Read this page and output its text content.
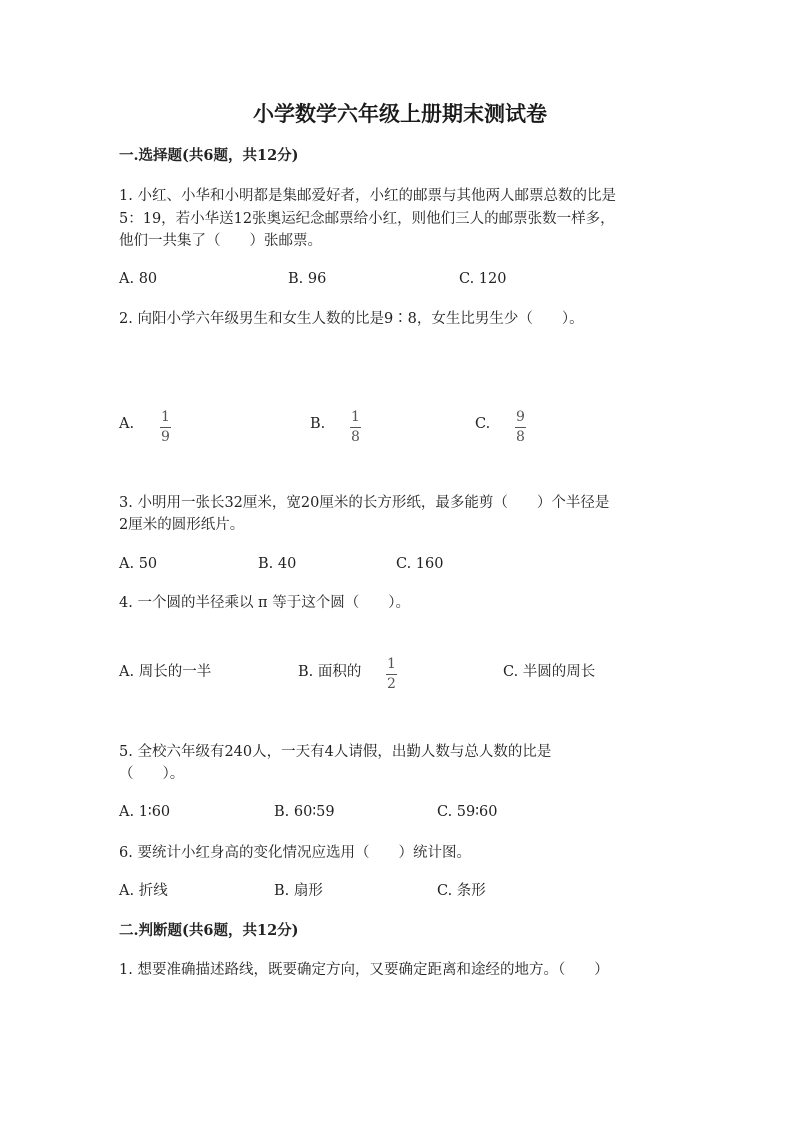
小学数学六年级上册期末测试卷
一.选择题(共6题，共12分)
1. 小红、小华和小明都是集邮爱好者，小红的邮票与其他两人邮票总数的比是
5：19，若小华送12张奥运纪念邮票给小红，则他们三人的邮票张数一样多，
他们一共集了（　　）张邮票。
A. 80	B. 96	C. 120
2. 向阳小学六年级男生和女生人数的比是9∶8，女生比男生少（　　）。
A. 1
9
B. 1
8
C. 9
8
3. 小明用一张长32厘米，宽20厘米的长方形纸，最多能剪（　　）个半径是
2厘米的圆形纸片。
A. 50	B. 40	C. 160
4. 一个圆的半径乘以 π 等于这个圆（　　）。
A. 周长的一半	B. 面积的 1
2
C. 半圆的周长
5. 全校六年级有240人，一天有4人请假，出勤人数与总人数的比是
（　　）。
A. 1∶60	B. 60∶59	C. 59∶60
6. 要统计小红身高的变化情况应选用（　　）统计图。
A. 折线	B. 扇形	C. 条形
二.判断题(共6题，共12分)
1. 想要准确描述路线，既要确定方向，又要确定距离和途经的地方。（　　）
